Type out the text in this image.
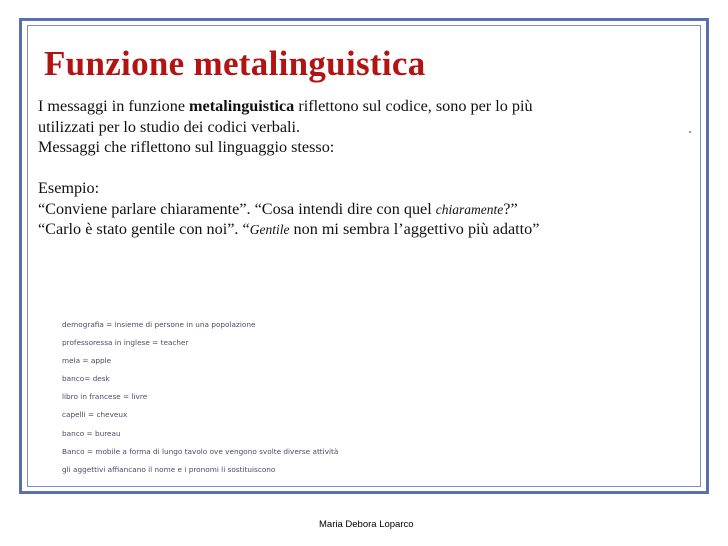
Funzione metalinguistica
I messaggi in funzione metalinguistica riflettono sul codice, sono per lo più
utilizzati per lo studio dei codici verbali.
Messaggi che riflettono sul linguaggio stesso:
Esempio:
“Conviene parlare chiaramente”. “Cosa intendi dire con quel chiaramente?”
“Carlo è stato gentile con noi”. “Gentile non mi sembra l’aggettivo più adatto”
demografia = insieme di persone in una popolazione
professoressa in inglese = teacher
mela = apple
banco= desk
libro in francese = livre
capelli = cheveux
banco = bureau
Banco = mobile a forma di lungo tavolo ove vengono svolte diverse attività
gli aggettivi affiancano il nome e i pronomi li sostituiscono
Maria Debora Loparco
